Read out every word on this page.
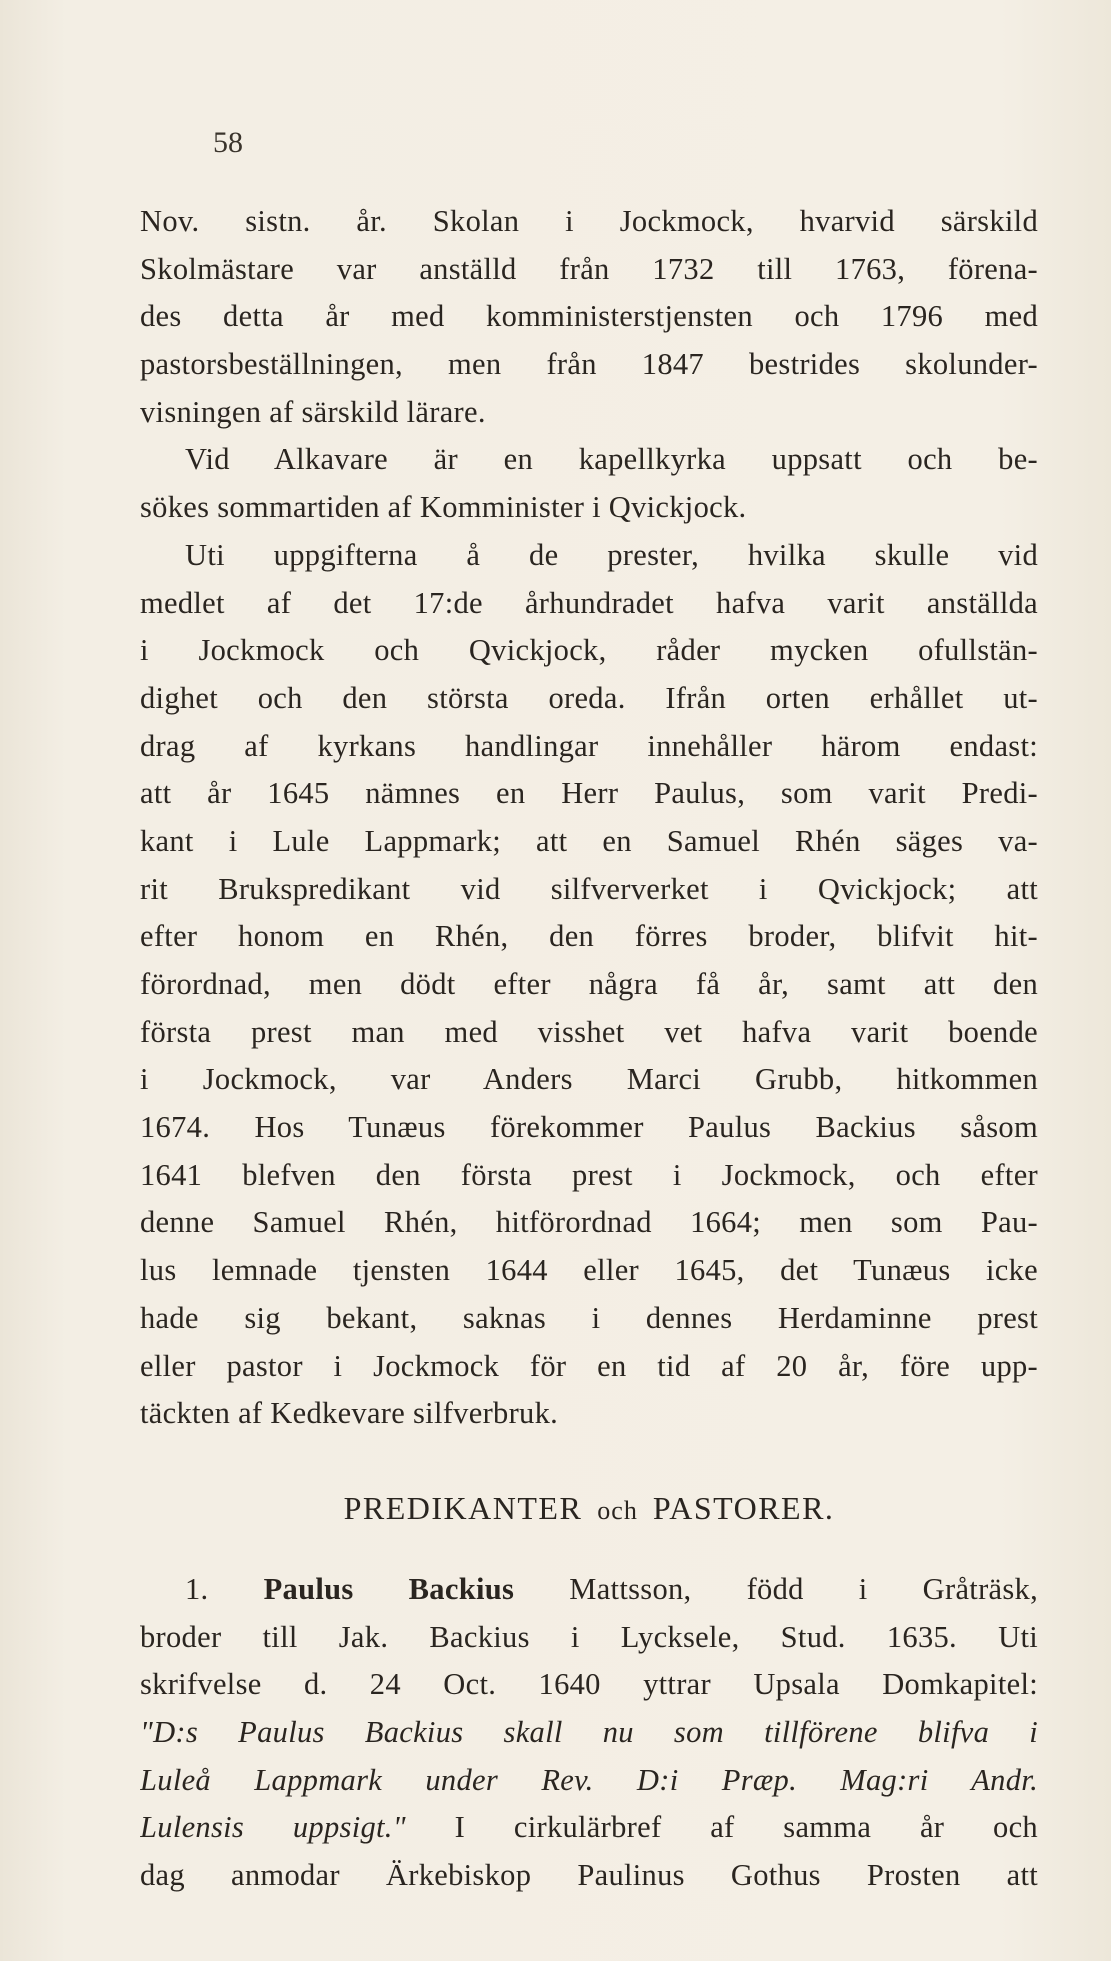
58
Nov. sistn. år. Skolan i Jockmock, hvarvid särskild
Skolmästare var anställd från 1732 till 1763, förena-
des detta år med komministerstjensten och 1796 med
pastorsbeställningen, men från 1847 bestrides skolunder-
visningen af särskild lärare.
Vid Alkavare är en kapellkyrka uppsatt och be-
sökes sommartiden af Komminister i Qvickjock.
Uti uppgifterna å de prester, hvilka skulle vid
medlet af det 17:de århundradet hafva varit anställda
i Jockmock och Qvickjock, råder mycken ofullstän-
dighet och den största oreda. Ifrån orten erhållet ut-
drag af kyrkans handlingar innehåller härom endast:
att år 1645 nämnes en Herr Paulus, som varit Predi-
kant i Lule Lappmark; att en Samuel Rhén säges va-
rit Brukspredikant vid silfververket i Qvickjock; att
efter honom en Rhén, den förres broder, blifvit hit-
förordnad, men dödt efter några få år, samt att den
första prest man med visshet vet hafva varit boende
i Jockmock, var Anders Marci Grubb, hitkommen
1674. Hos Tunæus förekommer Paulus Backius såsom
1641 blefven den första prest i Jockmock, och efter
denne Samuel Rhén, hitförordnad 1664; men som Pau-
lus lemnade tjensten 1644 eller 1645, det Tunæus icke
hade sig bekant, saknas i dennes Herdaminne prest
eller pastor i Jockmock för en tid af 20 år, före upp-
täckten af Kedkevare silfverbruk.
PREDIKANTER och PASTORER.
1. Paulus Backius Mattsson, född i Gråträsk,
broder till Jak. Backius i Lycksele, Stud. 1635. Uti
skrifvelse d. 24 Oct. 1640 yttrar Upsala Domkapitel:
"D:s Paulus Backius skall nu som tillförene blifva i
Luleå Lappmark under Rev. D:i Præp. Mag:ri Andr.
Lulensis uppsigt." I cirkulärbref af samma år och
dag anmodar Ärkebiskop Paulinus Gothus Prosten att
